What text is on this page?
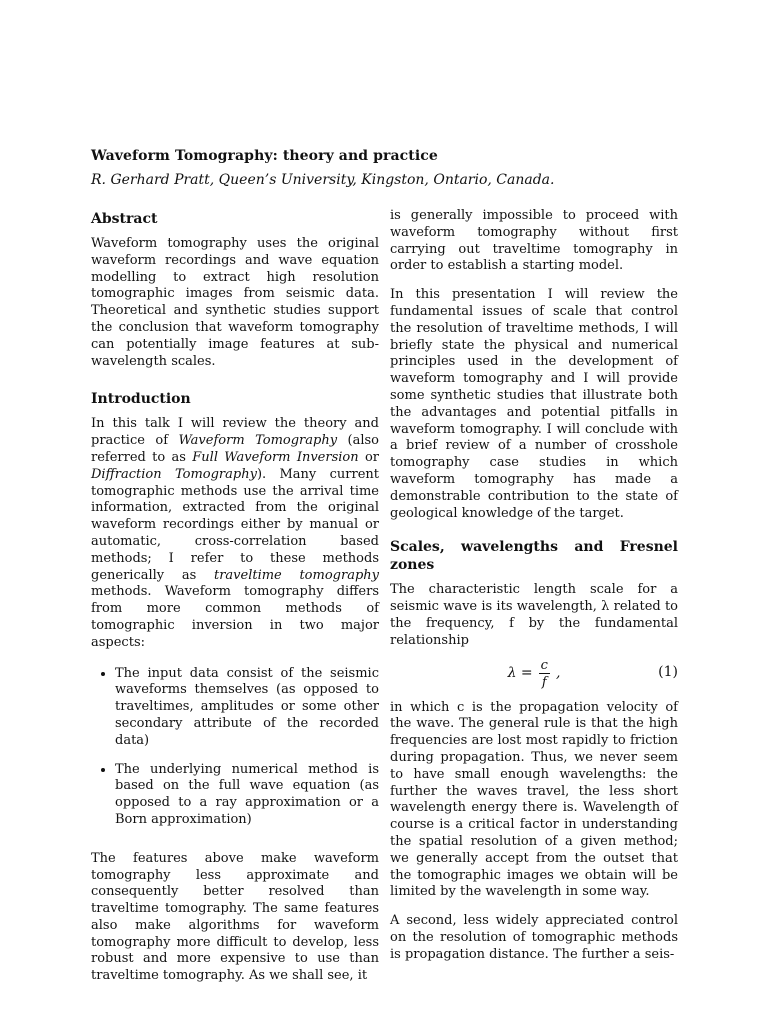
Waveform Tomography: theory and practice
R. Gerhard Pratt, Queen’s University, Kingston, Ontario, Canada.
Abstract

Waveform tomography uses the original waveform recordings and wave equation modelling to extract high resolution tomographic images from seismic data. Theoretical and synthetic studies support the conclusion that waveform tomography can potentially image features at sub-wavelength scales.

Introduction

In this talk I will review the theory and practice of Waveform Tomography (also referred to as Full Waveform Inversion or Diffraction Tomography). Many current tomographic methods use the arrival time information, extracted from the original waveform recordings either by manual or automatic, cross-correlation based methods; I refer to these methods generically as traveltime tomography methods. Waveform tomography differs from more common methods of tomographic inversion in two major aspects:

• The input data consist of the seismic waveforms themselves (as opposed to traveltimes, amplitudes or some other secondary attribute of the recorded data)
• The underlying numerical method is based on the full wave equation (as opposed to a ray approximation or a Born approximation)

The features above make waveform tomography less approximate and consequently better resolved than traveltime tomography. The same features also make algorithms for waveform tomography more difficult to develop, less robust and more expensive to use than traveltime tomography. As we shall see, it

is generally impossible to proceed with waveform tomography without first carrying out traveltime tomography in order to establish a starting model.

In this presentation I will review the fundamental issues of scale that control the resolution of traveltime methods, I will briefly state the physical and numerical principles used in the development of waveform tomography and I will provide some synthetic studies that illustrate both the advantages and potential pitfalls in waveform tomography. I will conclude with a brief review of a number of crosshole tomography case studies in which waveform tomography has made a demonstrable contribution to the state of geological knowledge of the target.

Scales, wavelengths and Fresnel zones

The characteristic length scale for a seismic wave is its wavelength, λ related to the frequency, f by the fundamental relationship

$\lambda = \frac{c}{f}$ ,	(1)

in which c is the propagation velocity of the wave. The general rule is that the high frequencies are lost most rapidly to friction during propagation. Thus, we never seem to have small enough wavelengths: the further the waves travel, the less short wavelength energy there is. Wavelength of course is a critical factor in understanding the spatial resolution of a given method; we generally accept from the outset that the tomographic images we obtain will be limited by the wavelength in some way.

A second, less widely appreciated control on the resolution of tomographic methods is propagation distance. The further a seis-
